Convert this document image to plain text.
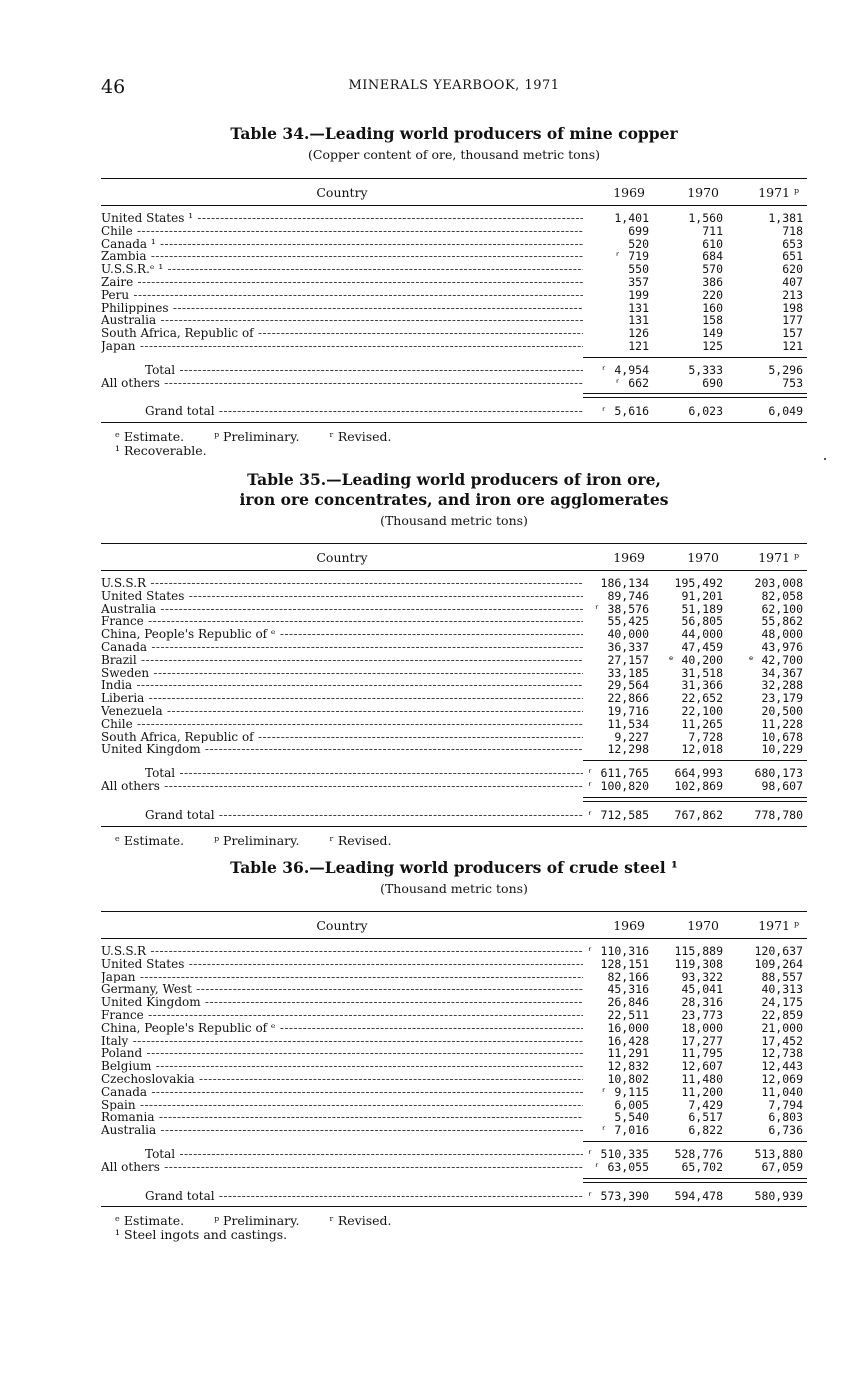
46	MINERALS YEARBOOK, 1971
Table 34.—Leading world producers of mine copper
(Copper content of ore, thousand metric tons)
Country	1969	1970	1971 ᵖ
United States ¹ -----	1,401	1,560	1,381
Chile -----	699	711	718
Canada ¹ -----	520	610	653
Zambia -----	ʳ 719	684	651
U.S.S.R.ᵉ ¹ -----	550	570	620
Zaire -----	357	386	407
Peru -----	199	220	213
Philippines -----	131	160	198
Australia -----	131	158	177
South Africa, Republic of -----	126	149	157
Japan -----	121	125	121
Total -----	ʳ 4,954	5,333	5,296
All others -----	ʳ 662	690	753
Grand total -----	ʳ 5,616	6,023	6,049
ᵉ Estimate. ᵖ Preliminary. ʳ Revised.
¹ Recoverable.
Table 35.—Leading world producers of iron ore,
iron ore concentrates, and iron ore agglomerates
(Thousand metric tons)
Country	1969	1970	1971 ᵖ
U.S.S.R -----	186,134	195,492	203,008
United States -----	89,746	91,201	82,058
Australia -----	ʳ 38,576	51,189	62,100
France -----	55,425	56,805	55,862
China, People's Republic of ᵉ -----	40,000	44,000	48,000
Canada -----	36,337	47,459	43,976
Brazil -----	27,157	ᵉ 40,200	ᵉ 42,700
Sweden -----	33,185	31,518	34,367
India -----	29,564	31,366	32,288
Liberia -----	22,866	22,652	23,179
Venezuela -----	19,716	22,100	20,500
Chile -----	11,534	11,265	11,228
South Africa, Republic of -----	9,227	7,728	10,678
United Kingdom -----	12,298	12,018	10,229
Total -----	ʳ 611,765	664,993	680,173
All others -----	ʳ 100,820	102,869	98,607
Grand total -----	ʳ 712,585	767,862	778,780
ᵉ Estimate. ᵖ Preliminary. ʳ Revised.
Table 36.—Leading world producers of crude steel ¹
(Thousand metric tons)
Country	1969	1970	1971 ᵖ
U.S.S.R -----	ʳ 110,316	115,889	120,637
United States -----	128,151	119,308	109,264
Japan -----	82,166	93,322	88,557
Germany, West -----	45,316	45,041	40,313
United Kingdom -----	26,846	28,316	24,175
France -----	22,511	23,773	22,859
China, People's Republic of ᵉ -----	16,000	18,000	21,000
Italy -----	16,428	17,277	17,452
Poland -----	11,291	11,795	12,738
Belgium -----	12,832	12,607	12,443
Czechoslovakia -----	10,802	11,480	12,069
Canada -----	ʳ 9,115	11,200	11,040
Spain -----	6,005	7,429	7,794
Romania -----	5,540	6,517	6,803
Australia -----	ʳ 7,016	6,822	6,736
Total -----	ʳ 510,335	528,776	513,880
All others -----	ʳ 63,055	65,702	67,059
Grand total -----	ʳ 573,390	594,478	580,939
ᵉ Estimate. ᵖ Preliminary. ʳ Revised.
¹ Steel ingots and castings.
